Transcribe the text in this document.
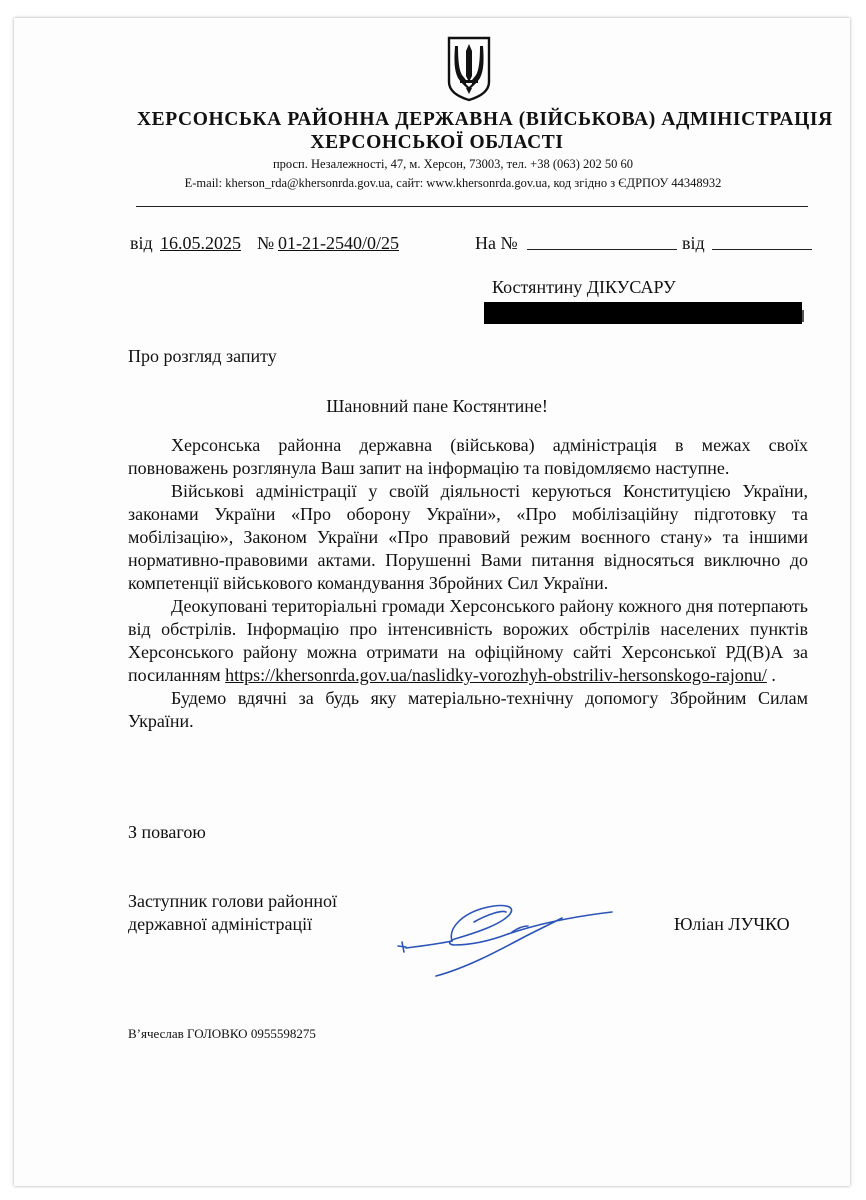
ХЕРСОНСЬКА РАЙОННА ДЕРЖАВНА (ВІЙСЬКОВА) АДМІНІСТРАЦІЯ
ХЕРСОНСЬКОЇ ОБЛАСТІ
просп. Незалежності, 47, м. Херсон, 73003, тел. +38 (063) 202 50 60
E-mail: kherson_rda@khersonrda.gov.ua, сайт: www.khersonrda.gov.ua, код згідно з ЄДРПОУ 44348932
від 16.05.2025 № 01-21-2540/0/25	На №	від
Костянтину ДІКУСАРУ
Про розгляд запиту
Шановний пане Костянтине!

Херсонська районна державна (військова) адміністрація в межах своїх повноважень розглянула Ваш запит на інформацію та повідомляємо наступне.

Військові адміністрації у своїй діяльності керуються Конституцією України, законами України «Про оборону України», «Про мобілізаційну підготовку та мобілізацію», Законом України «Про правовий режим воєнного стану» та іншими нормативно-правовими актами. Порушенні Вами питання відносяться виключно до компетенції військового командування Збройних Сил України.

Деокуповані територіальні громади Херсонського району кожного дня потерпають від обстрілів. Інформацію про інтенсивність ворожих обстрілів населених пунктів Херсонського району можна отримати на офіційному сайті Херсонської РД(В)А за посиланням https://khersonrda.gov.ua/naslidky-vorozhyh-obstriliv-hersonskogo-rajonu/ .

Будемо вдячні за будь яку матеріально-технічну допомогу Збройним Силам України.

З повагою
Заступник голови районної
державної адміністрації	Юліан ЛУЧКО
В’ячеслав ГОЛОВКО 0955598275
